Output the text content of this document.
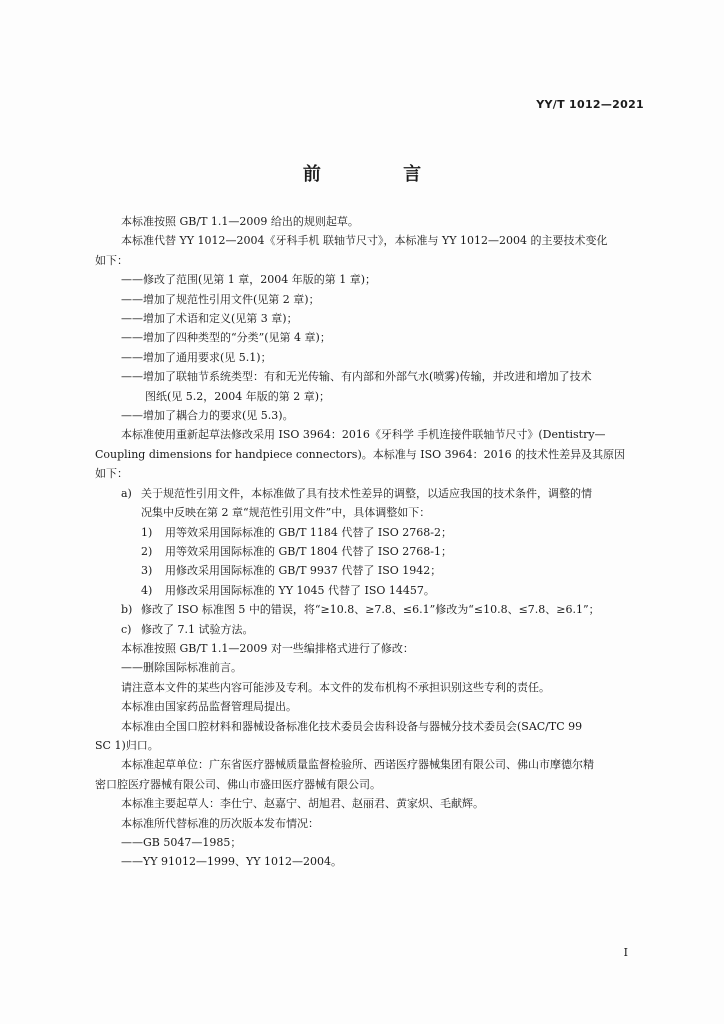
YY/T 1012—2021
前 言

本标准按照 GB/T 1.1—2009 给出的规则起草。

本标准代替 YY 1012—2004《牙科手机 联轴节尺寸》，本标准与 YY 1012—2004 的主要技术变化

如下：

——修改了范围(见第 1 章，2004 年版的第 1 章)；

——增加了规范性引用文件(见第 2 章)；

——增加了术语和定义(见第 3 章)；

——增加了四种类型的“分类”(见第 4 章)；

——增加了通用要求(见 5.1)；

——增加了联轴节系统类型：有和无光传输、有内部和外部气水(喷雾)传输，并改进和增加了技术
图纸(见 5.2，2004 年版的第 2 章)；

——增加了耦合力的要求(见 5.3)。

本标准使用重新起草法修改采用 ISO 3964：2016《牙科学 手机连接件联轴节尺寸》(Dentistry—

Coupling dimensions for handpiece connectors)。本标准与 ISO 3964：2016 的技术性差异及其原因

如下：

a) 关于规范性引用文件，本标准做了具有技术性差异的调整，以适应我国的技术条件，调整的情
况集中反映在第 2 章“规范性引用文件”中，具体调整如下：

1) 用等效采用国际标准的 GB/T 1184 代替了 ISO 2768-2；

2) 用等效采用国际标准的 GB/T 1804 代替了 ISO 2768-1；

3) 用修改采用国际标准的 GB/T 9937 代替了 ISO 1942；

4) 用修改采用国际标准的 YY 1045 代替了 ISO 14457。

b) 修改了 ISO 标准图 5 中的错误，将“≥10.8、≥7.8、≤6.1”修改为“≤10.8、≤7.8、≥6.1”；

c) 修改了 7.1 试验方法。

本标准按照 GB/T 1.1—2009 对一些编排格式进行了修改：

——删除国际标准前言。

请注意本文件的某些内容可能涉及专利。本文件的发布机构不承担识别这些专利的责任。

本标准由国家药品监督管理局提出。

本标准由全国口腔材料和器械设备标准化技术委员会齿科设备与器械分技术委员会(SAC/TC 99

SC 1)归口。

本标准起草单位：广东省医疗器械质量监督检验所、西诺医疗器械集团有限公司、佛山市摩德尔精

密口腔医疗器械有限公司、佛山市盛田医疗器械有限公司。

本标准主要起草人：李仕宁、赵嘉宁、胡旭君、赵丽君、黄家炽、毛献辉。

本标准所代替标准的历次版本发布情况：

——GB 5047—1985；

——YY 91012—1999、YY 1012—2004。

I
